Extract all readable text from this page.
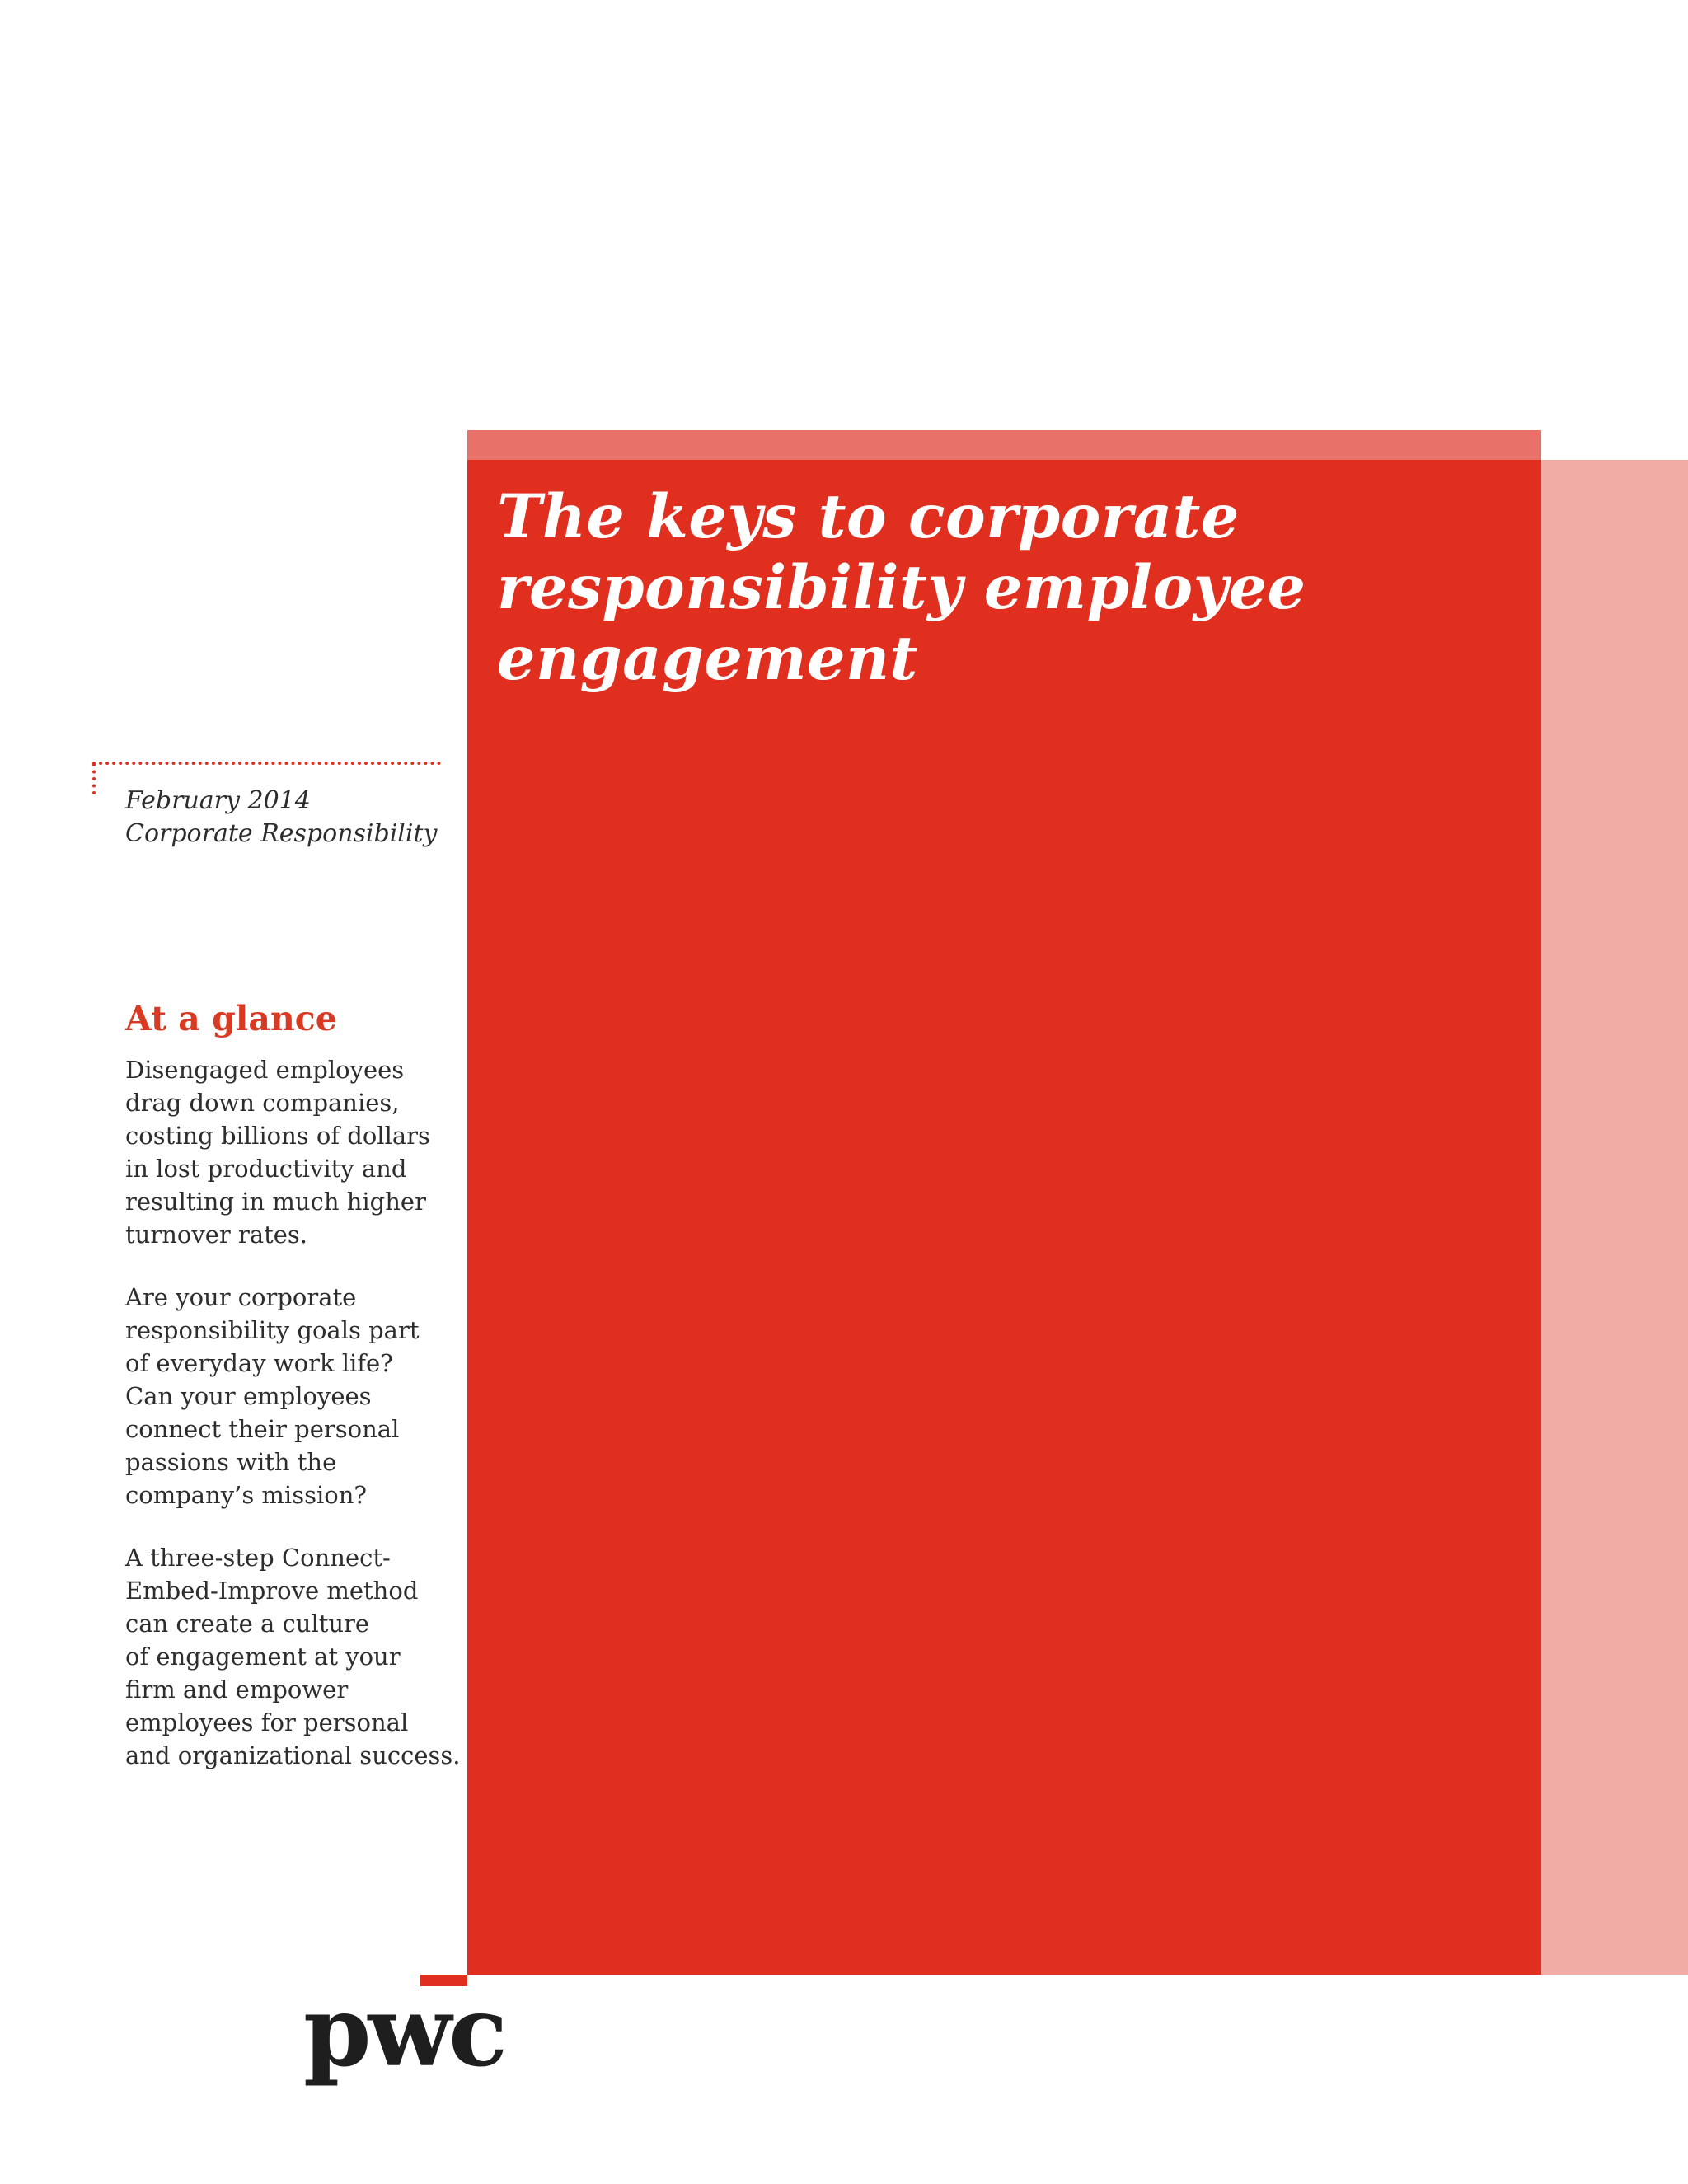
The keys to corporate
responsibility employee
engagement
February 2014
Corporate Responsibility
At a glance

Disengaged employees
drag down companies,
costing billions of dollars
in lost productivity and
resulting in much higher
turnover rates.

Are your corporate
responsibility goals part
of everyday work life?
Can your employees
connect their personal
passions with the
company’s mission?

A three-step Connect-
Embed-Improve method
can create a culture
of engagement at your
firm and empower
employees for personal
and organizational success.

pwc
